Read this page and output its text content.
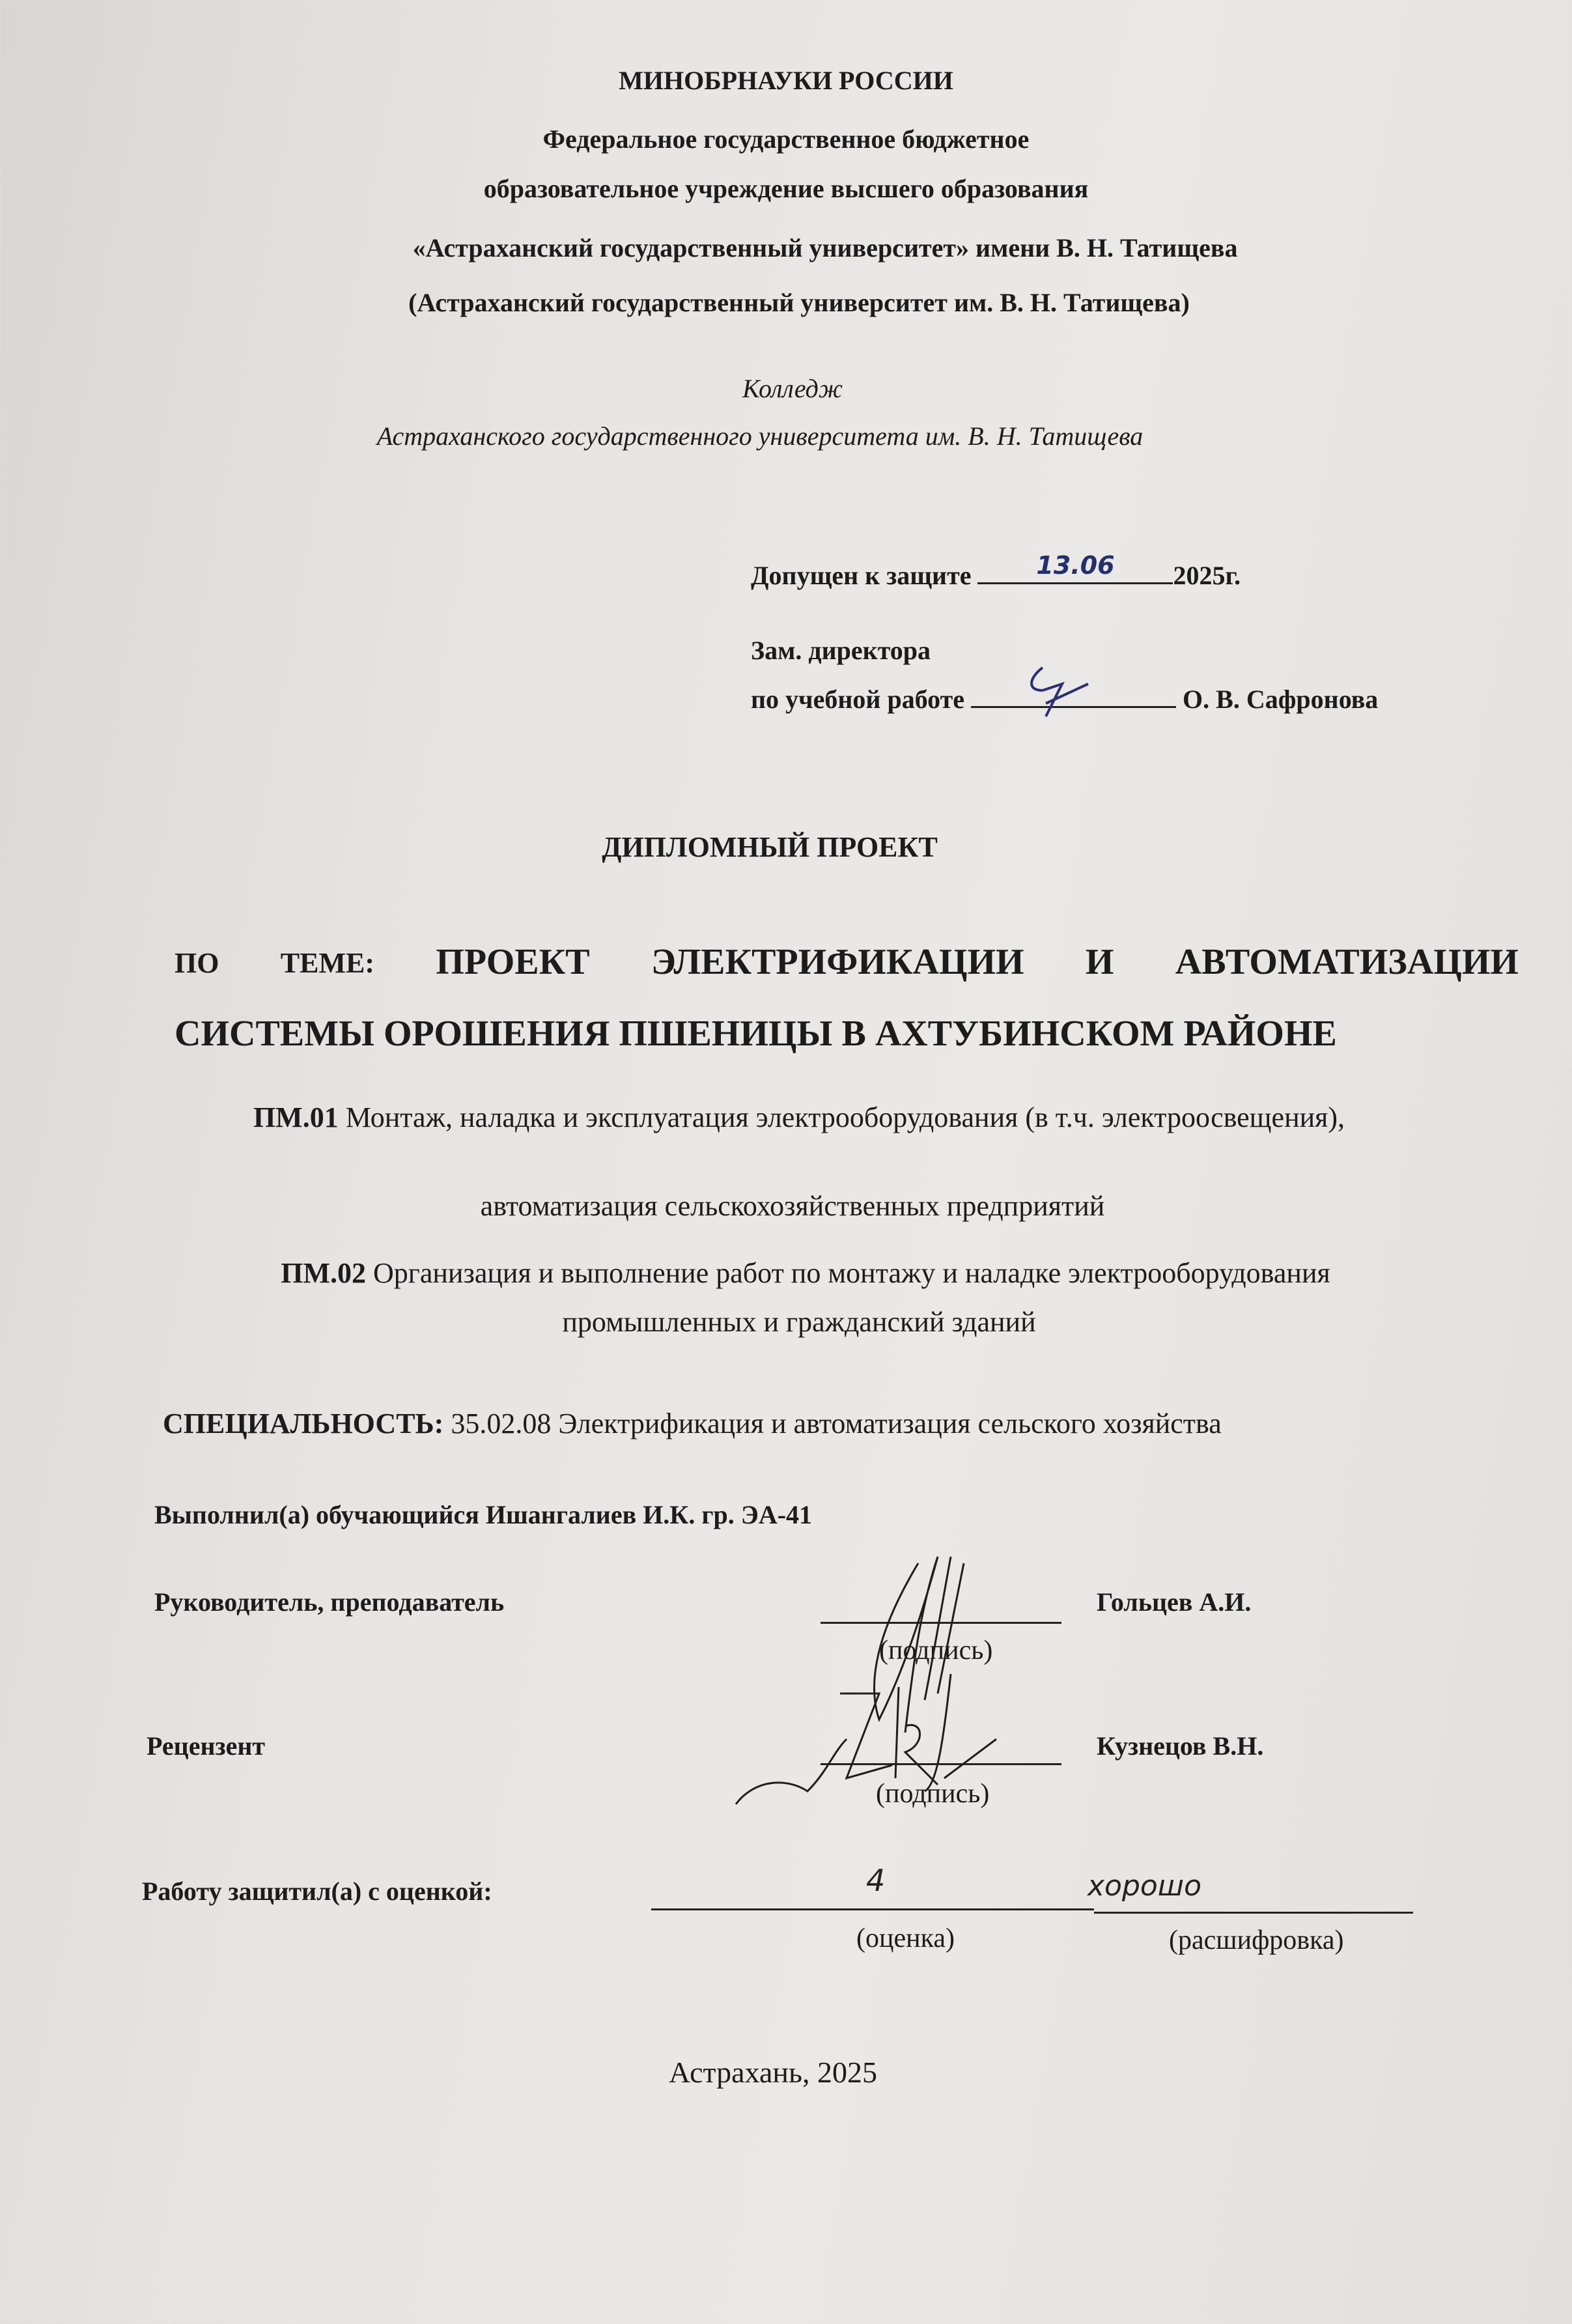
МИНОБРНАУКИ РОССИИ
Федеральное государственное бюджетное
образовательное учреждение высшего образования
«Астраханский государственный университет» имени В. Н. Татищева
(Астраханский государственный университет им. В. Н. Татищева)
Колледж
Астраханского государственного университета им. В. Н. Татищева
Допущен к защите	13.06	2025г.
Зам. директора
по учебной работе	О. В. Сафронова
ДИПЛОМНЫЙ ПРОЕКТ
ПО ТЕМЕ: ПРОЕКТ ЭЛЕКТРИФИКАЦИИ И АВТОМАТИЗАЦИИ
СИСТЕМЫ ОРОШЕНИЯ ПШЕНИЦЫ В АХТУБИНСКОМ РАЙОНЕ
ПМ.01 Монтаж, наладка и эксплуатация электрооборудования (в т.ч. электроосвещения),
автоматизация сельскохозяйственных предприятий
ПМ.02 Организация и выполнение работ по монтажу и наладке электрооборудования
промышленных и гражданский зданий
СПЕЦИАЛЬНОСТЬ: 35.02.08 Электрификация и автоматизация сельского хозяйства
Выполнил(а) обучающийся Ишангалиев И.К. гр. ЭА-41
Руководитель, преподаватель	Гольцев А.И.
(подпись)
Рецензент	Кузнецов В.Н.
(подпись)
Работу защитил(а) с оценкой:	4	хорошо
(оценка)	(расшифровка)
Астрахань, 2025
